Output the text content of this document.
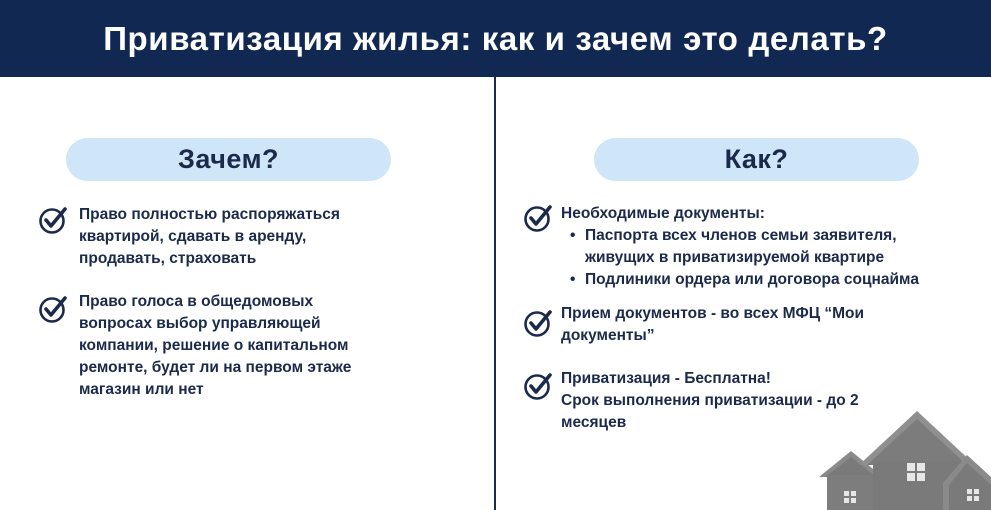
Приватизация жилья: как и зачем это делать?
Зачем?	Как?
Право полностью распоряжаться
квартирой, сдавать в аренду,
продавать, страховать
Право голоса в общедомовых
вопросах выбор управляющей
компании, решение о капитальном
ремонте, будет ли на первом этаже
магазин или нет
Необходимые документы:
• Паспорта всех членов семьи заявителя,
живущих в приватизируемой квартире
• Подлиники ордера или договора соцнайма
Прием документов - во всех МФЦ “Мои
документы”
Приватизация - Бесплатна!
Срок выполнения приватизации - до 2
месяцев
